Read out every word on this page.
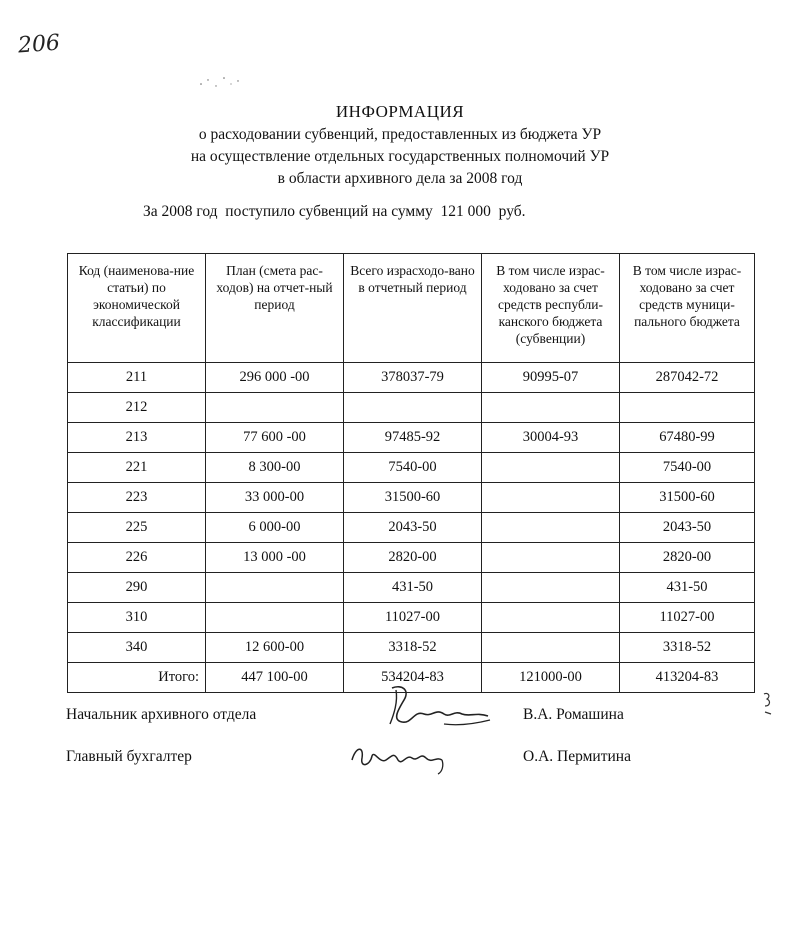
206
ИНФОРМАЦИЯ
о расходовании субвенций, предоставленных из бюджета УР
на осуществление отдельных государственных полномочий УР
в области архивного дела за 2008 год
За 2008 год  поступило субвенций на сумму  121 000  руб.
Код (наименова-ние статьи) по экономической классификации	План (смета рас-ходов) на отчет-ный период	Всего израсходо-вано в отчетный период	В том числе израс-ходовано за счет средств республи-канского бюджета (субвенции)	В том числе израс-ходовано за счет средств муници-пального бюджета
211	296 000 -00	378037-79	90995-07	287042-72
212				
213	77 600 -00	97485-92	30004-93	67480-99
221	8 300-00	7540-00		7540-00
223	33 000-00	31500-60		31500-60
225	6 000-00	2043-50		2043-50
226	13 000 -00	2820-00		2820-00
290		431-50		431-50
310		11027-00		11027-00
340	12 600-00	3318-52		3318-52
Итого:	447 100-00	534204-83	121000-00	413204-83
Начальник архивного отдела	В.А. Ромашина
Главный бухгалтер	О.А. Пермитина
